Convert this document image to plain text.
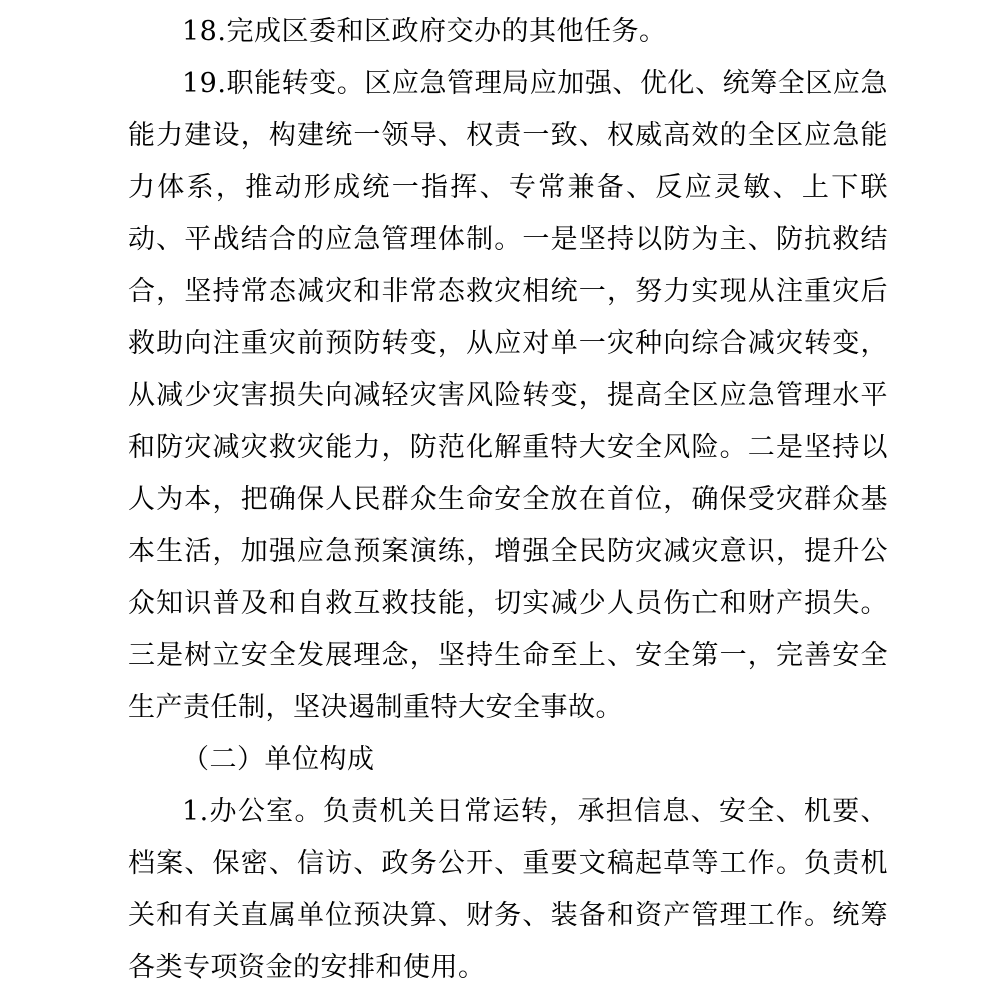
18.完成区委和区政府交办的其他任务。

19.职能转变。区应急管理局应加强、优化、统筹全区应急能力建设，构建统一领导、权责一致、权威高效的全区应急能力体系，推动形成统一指挥、专常兼备、反应灵敏、上下联动、平战结合的应急管理体制。一是坚持以防为主、防抗救结合，坚持常态减灾和非常态救灾相统一，努力实现从注重灾后救助向注重灾前预防转变，从应对单一灾种向综合减灾转变，从减少灾害损失向减轻灾害风险转变，提高全区应急管理水平和防灾减灾救灾能力，防范化解重特大安全风险。二是坚持以人为本，把确保人民群众生命安全放在首位，确保受灾群众基本生活，加强应急预案演练，增强全民防灾减灾意识，提升公众知识普及和自救互救技能，切实减少人员伤亡和财产损失。三是树立安全发展理念，坚持生命至上、安全第一，完善安全生产责任制，坚决遏制重特大安全事故。

（二）单位构成

1.办公室。负责机关日常运转，承担信息、安全、机要、档案、保密、信访、政务公开、重要文稿起草等工作。负责机关和有关直属单位预决算、财务、装备和资产管理工作。统筹各类专项资金的安排和使用。
